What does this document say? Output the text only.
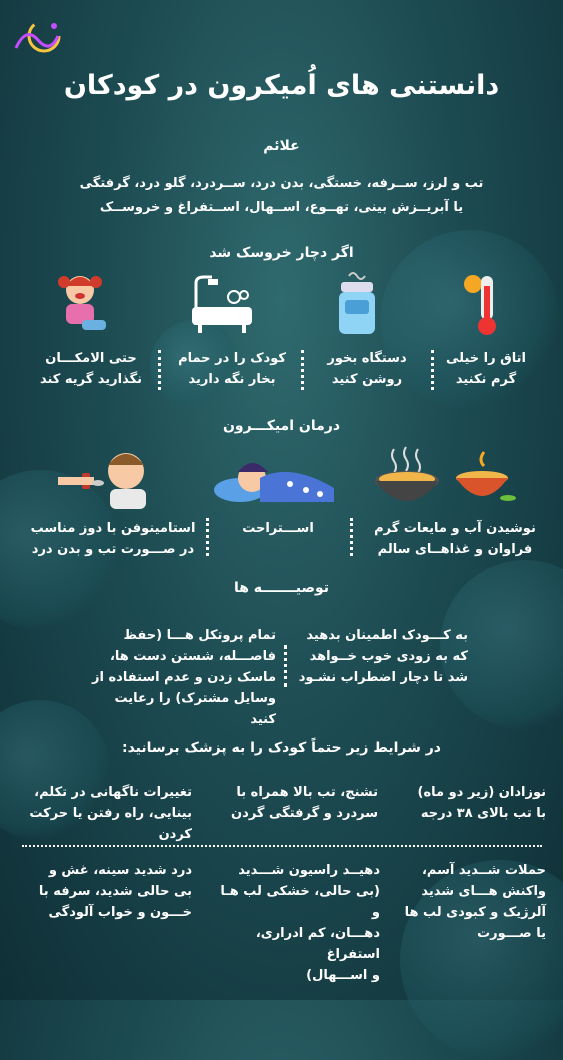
دانستنی های اُمیکرون در کودکان
علائم
تب و لرز، ســرفه، خستگی، بدن درد، ســردرد، گلو درد، گرفتگی
یا آبریــزش بینی، تهــوع، اســهال، اســتفراغ و خروســک
اگر دچار خروسک شد
اتاق را خیلی
گرم نکنید
دستگاه بخور
روشن کنید
کودک را در حمام
بخار نگه دارید
حتی الامکـــان
نگذارید گریه کند
درمان امیکـــرون
نوشیدن آب و مایعات گرم
فراوان و غذاهــای سالم
اســـتراحت
استامینوفن با دوز مناسب
در صـــورت تب و بدن درد
توصیـــــــه ها
به کـــودک اطمینان بدهید
که به زودی خوب خــواهد
شد تا دچار اضطراب نشـود
تمام پروتکل هـــا (حفظ
فاصـــله، شستن دست ها،
ماسک زدن و عدم استفاده از
وسایل مشترک) را رعایت کنید
در شرایط زیر حتماً کودک را به پزشک برسانید:
نوزادان (زیر دو ماه)
با تب بالای ۳۸ درجه
تشنج، تب بالا همراه با
سردرد و گرفتگی گردن
تغییرات ناگهانی در تکلم،
بینایی، راه رفتن یا حرکت کردن
حملات شــدید آسم،
واکنش هـــای شدید
آلرژیک و کبودی لب ها
یا صـــورت
دهیــد راسیون شـــدید
(بی حالی، خشکی لب هـا و
دهـــان، کم ادراری، استفراغ
و اســـهال)
درد شدید سینه، غش و
بی حالی شدید، سرفه با
خـــون و خواب آلودگی
